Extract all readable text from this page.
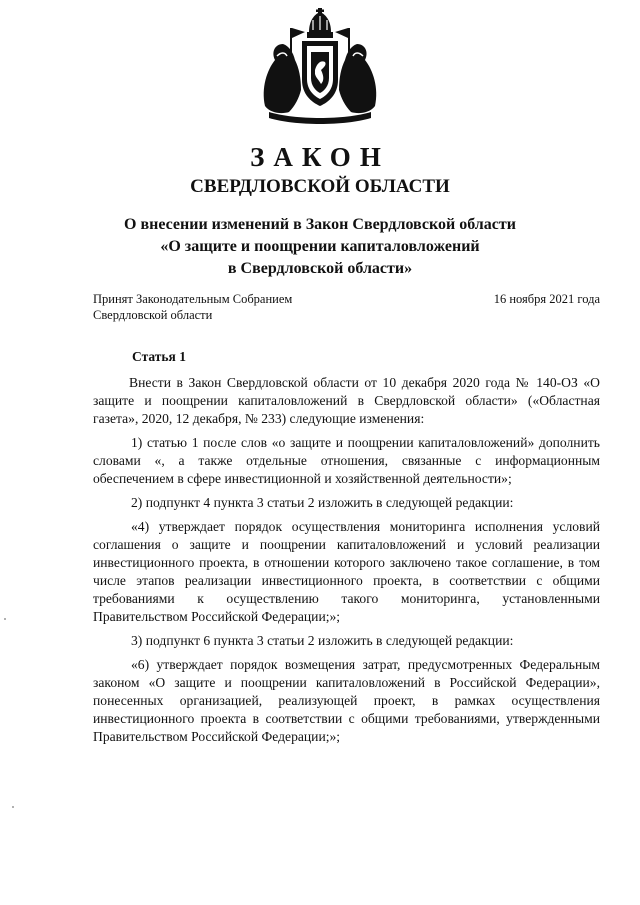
ЗАКОН
СВЕРДЛОВСКОЙ ОБЛАСТИ
О внесении изменений в Закон Свердловской области
«О защите и поощрении капиталовложений
в Свердловской области»
Принят Законодательным Собранием
Свердловской области
16 ноября 2021 года
Статья 1

Внести в Закон Свердловской области от 10 декабря 2020 года № 140-ОЗ «О защите и поощрении капиталовложений в Свердловской области» («Областная газета», 2020, 12 декабря, № 233) следующие изменения:

1) статью 1 после слов «о защите и поощрении капиталовложений» дополнить словами «, а также отдельные отношения, связанные с информационным обеспечением в сфере инвестиционной и хозяйственной деятельности»;

2) подпункт 4 пункта 3 статьи 2 изложить в следующей редакции:

«4) утверждает порядок осуществления мониторинга исполнения условий соглашения о защите и поощрении капиталовложений и условий реализации инвестиционного проекта, в отношении которого заключено такое соглашение, в том числе этапов реализации инвестиционного проекта, в соответствии с общими требованиями к осуществлению такого мониторинга, установленными Правительством Российской Федерации;»;

3) подпункт 6 пункта 3 статьи 2 изложить в следующей редакции:

«6) утверждает порядок возмещения затрат, предусмотренных Федеральным законом «О защите и поощрении капиталовложений в Российской Федерации», понесенных организацией, реализующей проект, в рамках осуществления инвестиционного проекта в соответствии с общими требованиями, утвержденными Правительством Российской Федерации;»;
